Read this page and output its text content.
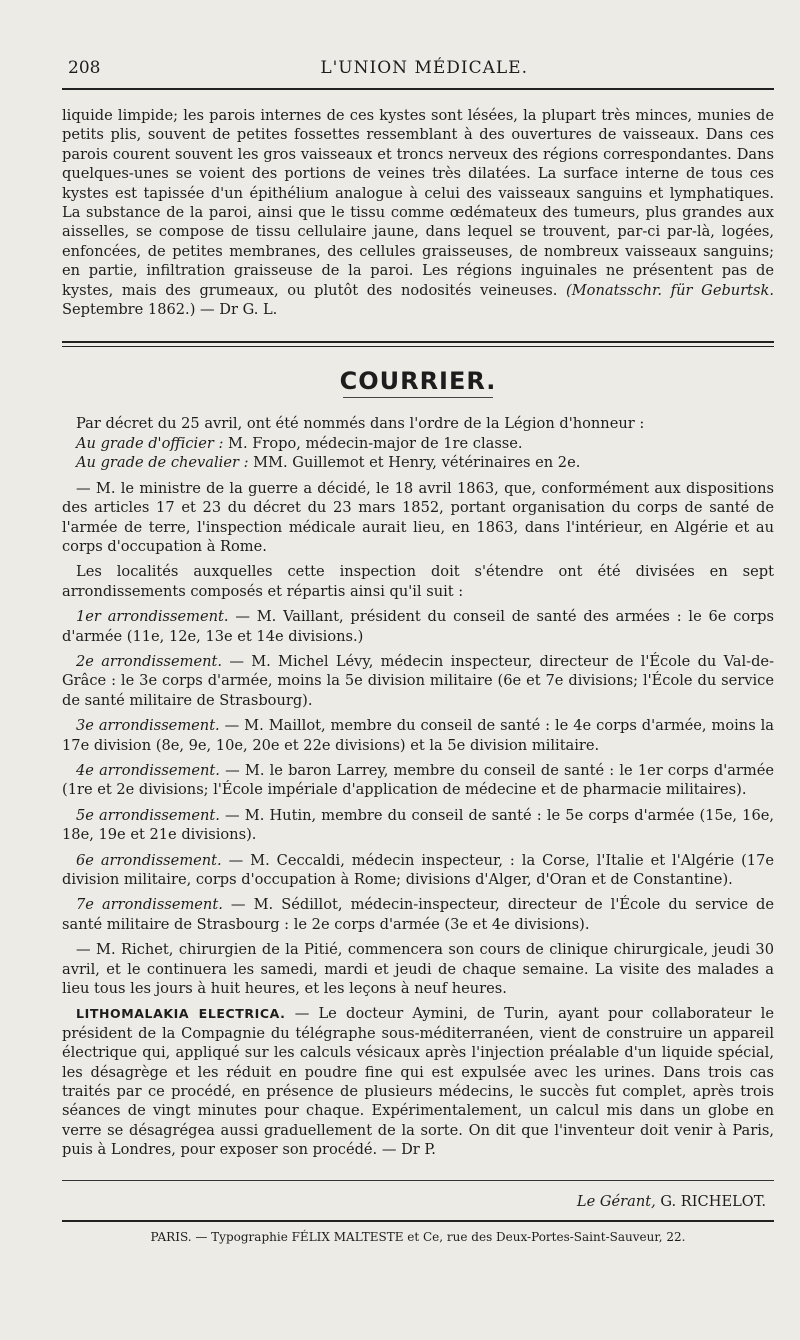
208	L'UNION MÉDICALE.

liquide limpide; les parois internes de ces kystes sont lésées, la plupart très minces, munies de petits plis, souvent de petites fossettes ressemblant à des ouvertures de vaisseaux. Dans ces parois courent souvent les gros vaisseaux et troncs nerveux des régions correspondantes. Dans quelques-unes se voient des portions de veines très dilatées. La surface interne de tous ces kystes est tapissée d'un épithélium analogue à celui des vaisseaux sanguins et lymphatiques. La substance de la paroi, ainsi que le tissu comme œdémateux des tumeurs, plus grandes aux aisselles, se compose de tissu cellulaire jaune, dans lequel se trouvent, par-ci par-là, logées, enfoncées, de petites membranes, des cellules graisseuses, de nombreux vaisseaux sanguins; en partie, infiltration graisseuse de la paroi. Les régions inguinales ne présentent pas de kystes, mais des grumeaux, ou plutôt des nodosités veineuses. (Monatsschr. für Geburtsk. Septembre 1862.) — Dr G. L.

COURRIER.

Par décret du 25 avril, ont été nommés dans l'ordre de la Légion d'honneur :

Au grade d'officier : M. Fropo, médecin-major de 1re classe.

Au grade de chevalier : MM. Guillemot et Henry, vétérinaires en 2e.

— M. le ministre de la guerre a décidé, le 18 avril 1863, que, conformément aux dispositions des articles 17 et 23 du décret du 23 mars 1852, portant organisation du corps de santé de l'armée de terre, l'inspection médicale aurait lieu, en 1863, dans l'intérieur, en Algérie et au corps d'occupation à Rome.

Les localités auxquelles cette inspection doit s'étendre ont été divisées en sept arrondissements composés et répartis ainsi qu'il suit :

1er arrondissement. — M. Vaillant, président du conseil de santé des armées : le 6e corps d'armée (11e, 12e, 13e et 14e divisions.)

2e arrondissement. — M. Michel Lévy, médecin inspecteur, directeur de l'École du Val-de-Grâce : le 3e corps d'armée, moins la 5e division militaire (6e et 7e divisions; l'École du service de santé militaire de Strasbourg).

3e arrondissement. — M. Maillot, membre du conseil de santé : le 4e corps d'armée, moins la 17e division (8e, 9e, 10e, 20e et 22e divisions) et la 5e division militaire.

4e arrondissement. — M. le baron Larrey, membre du conseil de santé : le 1er corps d'armée (1re et 2e divisions; l'École impériale d'application de médecine et de pharmacie militaires).

5e arrondissement. — M. Hutin, membre du conseil de santé : le 5e corps d'armée (15e, 16e, 18e, 19e et 21e divisions).

6e arrondissement. — M. Ceccaldi, médecin inspecteur, : la Corse, l'Italie et l'Algérie (17e division militaire, corps d'occupation à Rome; divisions d'Alger, d'Oran et de Constantine).

7e arrondissement. — M. Sédillot, médecin-inspecteur, directeur de l'École du service de santé militaire de Strasbourg : le 2e corps d'armée (3e et 4e divisions).

— M. Richet, chirurgien de la Pitié, commencera son cours de clinique chirurgicale, jeudi 30 avril, et le continuera les samedi, mardi et jeudi de chaque semaine. La visite des malades a lieu tous les jours à huit heures, et les leçons à neuf heures.

LITHOMALAKIA ELECTRICA. — Le docteur Aymini, de Turin, ayant pour collaborateur le président de la Compagnie du télégraphe sous-méditerranéen, vient de construire un appareil électrique qui, appliqué sur les calculs vésicaux après l'injection préalable d'un liquide spécial, les désagrège et les réduit en poudre fine qui est expulsée avec les urines. Dans trois cas traités par ce procédé, en présence de plusieurs médecins, le succès fut complet, après trois séances de vingt minutes pour chaque. Expérimentalement, un calcul mis dans un globe en verre se désagrégea aussi graduellement de la sorte. On dit que l'inventeur doit venir à Paris, puis à Londres, pour exposer son procédé. — Dr P.

Le Gérant, G. RICHELOT.
PARIS. — Typographie FÉLIX MALTESTE et Ce, rue des Deux-Portes-Saint-Sauveur, 22.
